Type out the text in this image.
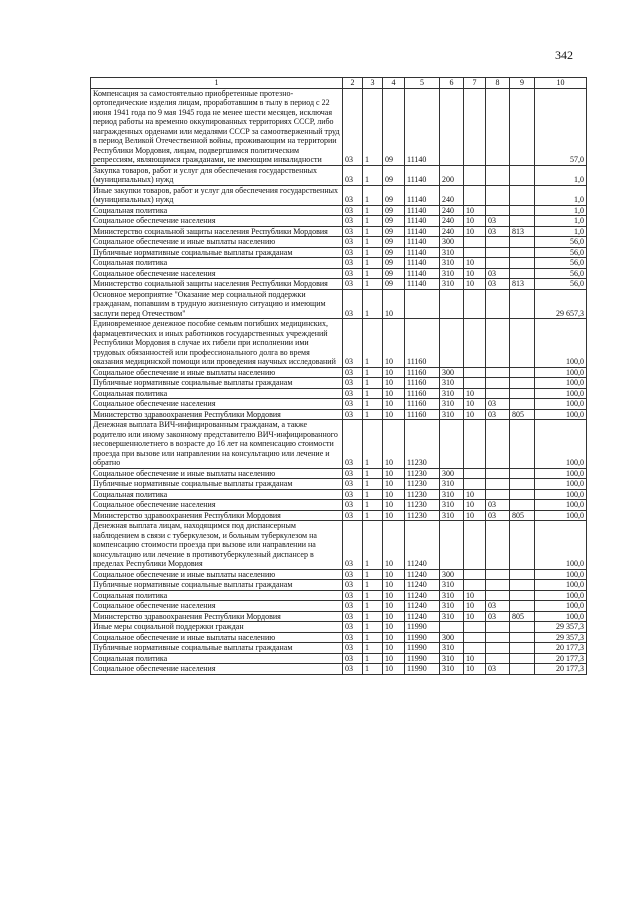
342
1	2	3	4	5	6	7	8	9	10
Компенсация за самостоятельно приобретенные протезно-ортопедические изделия лицам, проработавшим в тылу в период с 22 июня 1941 года по 9 мая 1945 года не менее шести месяцев, исключая период работы на временно оккупированных территориях СССР, либо награжденных орденами или медалями СССР за самоотверженный труд в период Великой Отечественной войны, проживающим на территории Республики Мордовия, лицам, подвергшимся политическим репрессиям, являющимся гражданами, не имеющим инвалидности	03	1	09	11140					57,0
Закупка товаров, работ и услуг для обеспечения государственных (муниципальных) нужд	03	1	09	11140	200				1,0
Иные закупки товаров, работ и услуг для обеспечения государственных (муниципальных) нужд	03	1	09	11140	240				1,0
Социальная политика	03	1	09	11140	240	10			1,0
Социальное обеспечение населения	03	1	09	11140	240	10	03		1,0
Министерство социальной защиты населения Республики Мордовия	03	1	09	11140	240	10	03	813	1,0
Социальное обеспечение и иные выплаты населению	03	1	09	11140	300				56,0
Публичные нормативные социальные выплаты гражданам	03	1	09	11140	310				56,0
Социальная политика	03	1	09	11140	310	10			56,0
Социальное обеспечение населения	03	1	09	11140	310	10	03		56,0
Министерство социальной защиты населения Республики Мордовия	03	1	09	11140	310	10	03	813	56,0
Основное мероприятие "Оказание мер социальной поддержки гражданам, попавшим в трудную жизненную ситуацию и имеющим заслуги перед Отечеством"	03	1	10						29 657,3
Единовременное денежное пособие семьям погибших медицинских, фармацевтических и иных работников государственных учреждений Республики Мордовия в случае их гибели при исполнении ими трудовых обязанностей или профессионального долга во время оказания медицинской помощи или проведения научных исследований	03	1	10	11160					100,0
Социальное обеспечение и иные выплаты населению	03	1	10	11160	300				100,0
Публичные нормативные социальные выплаты гражданам	03	1	10	11160	310				100,0
Социальная политика	03	1	10	11160	310	10			100,0
Социальное обеспечение населения	03	1	10	11160	310	10	03		100,0
Министерство здравоохранения Республики Мордовия	03	1	10	11160	310	10	03	805	100,0
Денежная выплата ВИЧ-инфицированным гражданам, а также родителю или иному законному представителю ВИЧ-инфицированного несовершеннолетнего в возрасте до 16 лет на компенсацию стоимости проезда при вызове или направлении на консультацию или лечение и обратно	03	1	10	11230					100,0
Социальное обеспечение и иные выплаты населению	03	1	10	11230	300				100,0
Публичные нормативные социальные выплаты гражданам	03	1	10	11230	310				100,0
Социальная политика	03	1	10	11230	310	10			100,0
Социальное обеспечение населения	03	1	10	11230	310	10	03		100,0
Министерство здравоохранения Республики Мордовия	03	1	10	11230	310	10	03	805	100,0
Денежная выплата лицам, находящимся под диспансерным наблюдением в связи с туберкулезом, и больным туберкулезом на компенсацию стоимости проезда при вызове или направлении на консультацию или лечение в противотуберкулезный диспансер в пределах Республики Мордовия	03	1	10	11240					100,0
Социальное обеспечение и иные выплаты населению	03	1	10	11240	300				100,0
Публичные нормативные социальные выплаты гражданам	03	1	10	11240	310				100,0
Социальная политика	03	1	10	11240	310	10			100,0
Социальное обеспечение населения	03	1	10	11240	310	10	03		100,0
Министерство здравоохранения Республики Мордовия	03	1	10	11240	310	10	03	805	100,0
Иные меры социальной поддержки граждан	03	1	10	11990					29 357,3
Социальное обеспечение и иные выплаты населению	03	1	10	11990	300				29 357,3
Публичные нормативные социальные выплаты гражданам	03	1	10	11990	310				20 177,3
Социальная политика	03	1	10	11990	310	10			20 177,3
Социальное обеспечение населения	03	1	10	11990	310	10	03		20 177,3
